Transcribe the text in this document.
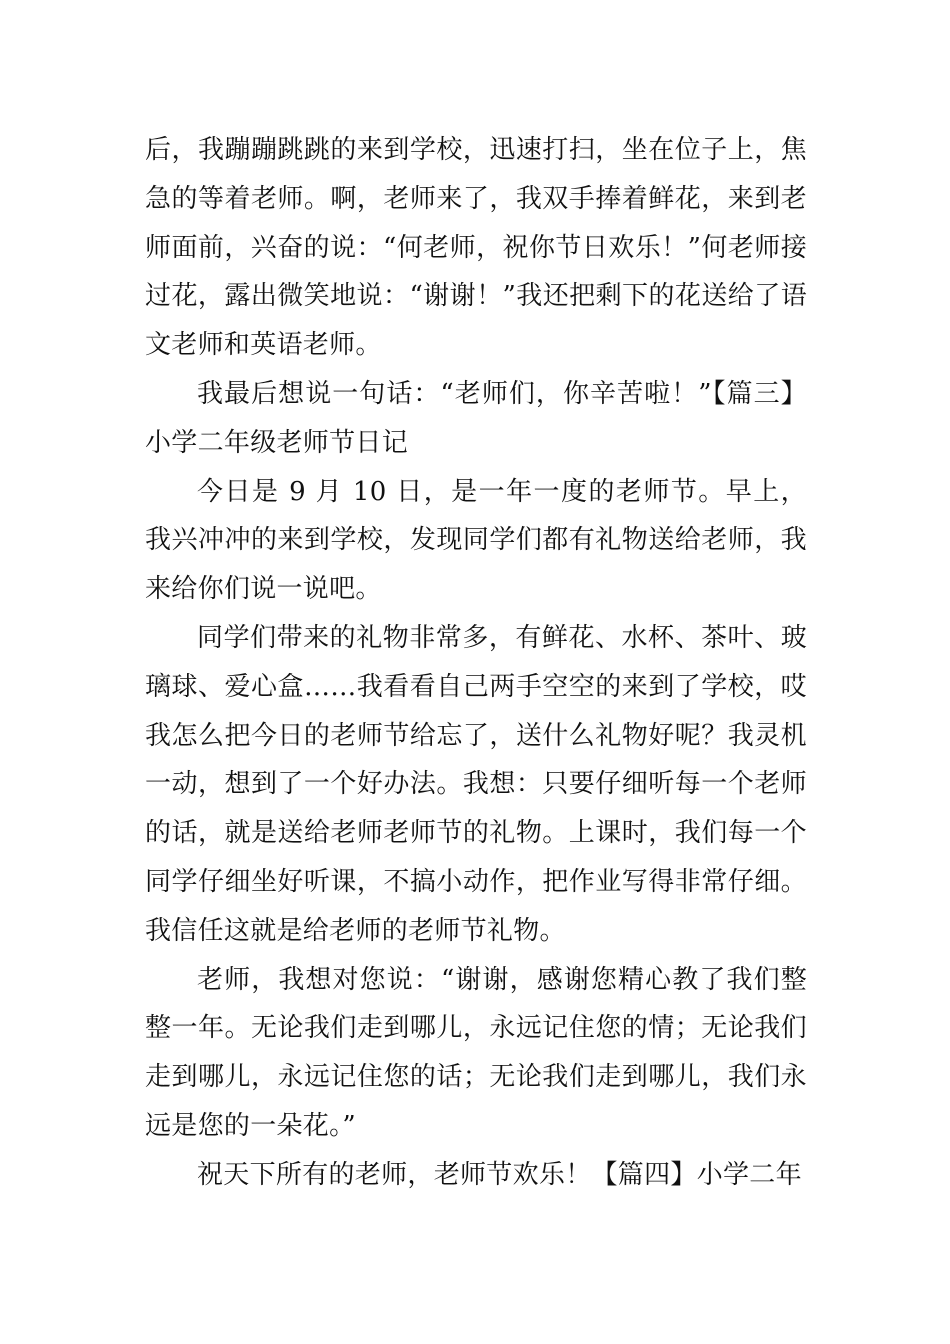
后，我蹦蹦跳跳的来到学校，迅速打扫，坐在位子上，焦急的等着老师。啊，老师来了，我双手捧着鲜花，来到老师面前，兴奋的说：“何老师，祝你节日欢乐！”何老师接过花，露出微笑地说：“谢谢！”我还把剩下的花送给了语文老师和英语老师。

我最后想说一句话：“老师们，你辛苦啦！”【篇三】小学二年级老师节日记

今日是 9 月 10 日，是一年一度的老师节。早上，我兴冲冲的来到学校，发现同学们都有礼物送给老师，我来给你们说一说吧。

同学们带来的礼物非常多，有鲜花、水杯、茶叶、玻璃球、爱心盒……我看看自己两手空空的来到了学校，哎我怎么把今日的老师节给忘了，送什么礼物好呢？我灵机一动，想到了一个好办法。我想：只要仔细听每一个老师的话，就是送给老师老师节的礼物。上课时，我们每一个同学仔细坐好听课，不搞小动作，把作业写得非常仔细。我信任这就是给老师的老师节礼物。

老师，我想对您说：“谢谢，感谢您精心教了我们整整一年。无论我们走到哪儿，永远记住您的情；无论我们走到哪儿，永远记住您的话；无论我们走到哪儿，我们永远是您的一朵花。”

祝天下所有的老师，老师节欢乐！【篇四】小学二年
